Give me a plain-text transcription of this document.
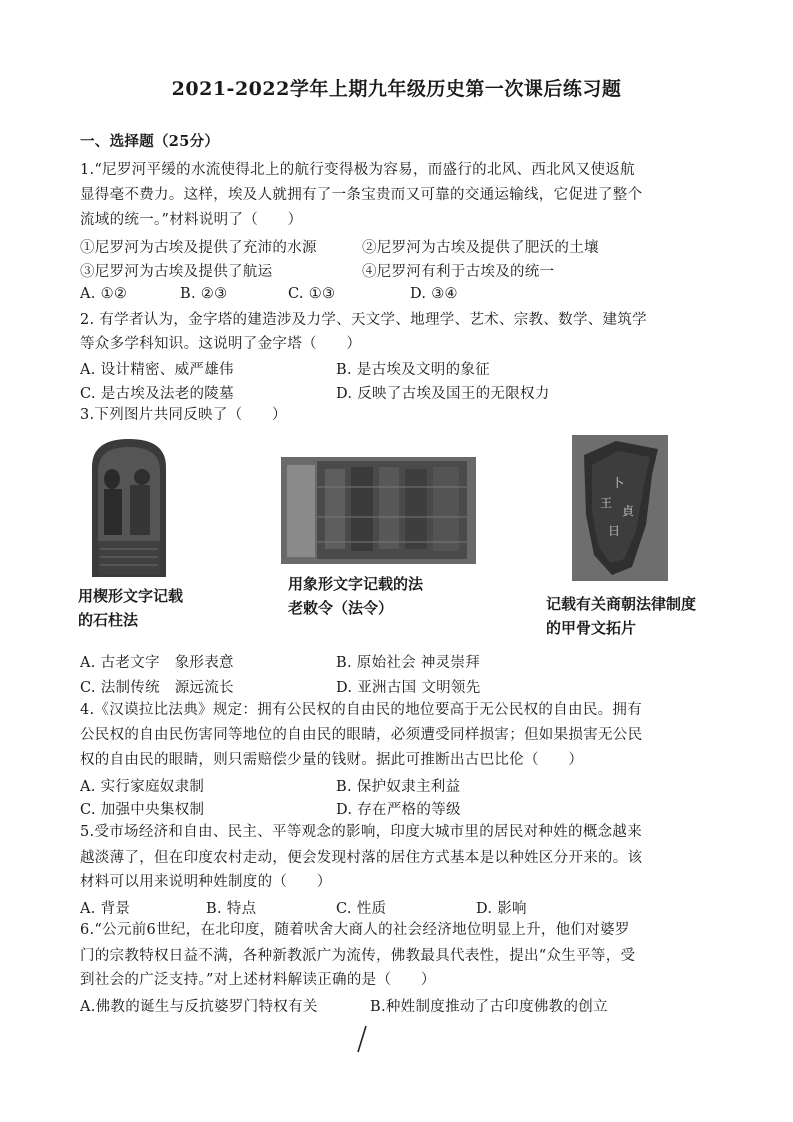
2021-2022学年上期九年级历史第一次课后练习题
一、选择题（25分）
1.“尼罗河平缓的水流使得北上的航行变得极为容易，而盛行的北风、西北风又使返航
显得毫不费力。这样，埃及人就拥有了一条宝贵而又可靠的交通运输线，它促进了整个
流域的统一。”材料说明了（　　）
①尼罗河为古埃及提供了充沛的水源	②尼罗河为古埃及提供了肥沃的土壤
③尼罗河为古埃及提供了航运	④尼罗河有利于古埃及的统一
A. ①②	B. ②③	C. ①③	D. ③④
2. 有学者认为，金字塔的建造涉及力学、天文学、地理学、艺术、宗教、数学、建筑学
等众多学科知识。这说明了金字塔（　　）
A. 设计精密、威严雄伟	B. 是古埃及文明的象征
C. 是古埃及法老的陵墓	D. 反映了古埃及国王的无限权力
3.下列图片共同反映了（　　）
卜
王
貞
日
用楔形文字记载
的石柱法
用象形文字记载的法
老敕令（法令）	记载有关商朝法律制度
的甲骨文拓片
A. 古老文字　象形表意	B. 原始社会 神灵崇拜
C. 法制传统　源远流长	D. 亚洲古国 文明领先
4.《汉谟拉比法典》规定：拥有公民权的自由民的地位要高于无公民权的自由民。拥有
公民权的自由民伤害同等地位的自由民的眼睛，必须遭受同样损害；但如果损害无公民
权的自由民的眼睛，则只需赔偿少量的钱财。据此可推断出古巴比伦（　　）
A. 实行家庭奴隶制	B. 保护奴隶主利益
C. 加强中央集权制	D. 存在严格的等级
5.受市场经济和自由、民主、平等观念的影响，印度大城市里的居民对种姓的概念越来
越淡薄了，但在印度农村走动，便会发现村落的居住方式基本是以种姓区分开来的。该
材料可以用来说明种姓制度的（　　）
A. 背景	B. 特点	C. 性质	D. 影响
6.“公元前6世纪，在北印度，随着吠舍大商人的社会经济地位明显上升，他们对婆罗
门的宗教特权日益不满，各种新教派广为流传，佛教最具代表性，提出“众生平等，受
到社会的广泛支持。”对上述材料解读正确的是（　　）
A.佛教的诞生与反抗婆罗门特权有关	B.种姓制度推动了古印度佛教的创立
